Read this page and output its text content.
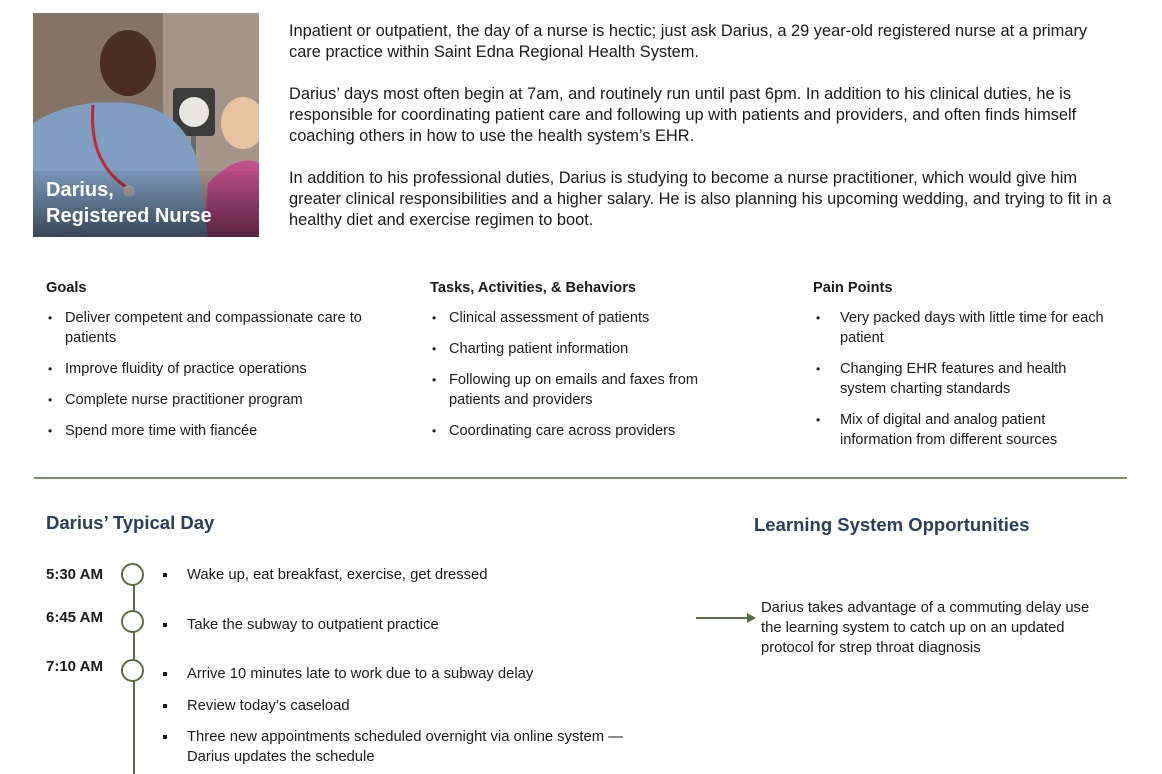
Darius,
Registered Nurse

Inpatient or outpatient, the day of a nurse is hectic; just ask Darius, a 29 year-old registered nurse at a primary care practice within Saint Edna Regional Health System.

Darius’ days most often begin at 7am, and routinely run until past 6pm. In addition to his clinical duties, he is responsible for coordinating patient care and following up with patients and providers, and often finds himself coaching others in how to use the health system’s EHR.

In addition to his professional duties, Darius is studying to become a nurse practitioner, which would give him greater clinical responsibilities and a higher salary. He is also planning his upcoming wedding, and trying to fit in a healthy diet and exercise regimen to boot.

Goals
• Deliver competent and compassionate care to patients
• Improve fluidity of practice operations
• Complete nurse practitioner program
• Spend more time with fiancée
Tasks, Activities, & Behaviors
• Clinical assessment of patients
• Charting patient information
• Following up on emails and faxes from patients and providers
• Coordinating care across providers
Pain Points
• Very packed days with little time for each patient
• Changing EHR features and health system charting standards
• Mix of digital and analog patient information from different sources
Darius’ Typical Day	Learning System Opportunities
5:30 AM	Wake up, eat breakfast, exercise, get dressed
6:45 AM	Take the subway to outpatient practice
7:10 AM	Arrive 10 minutes late to work due to a subway delay
Review today’s caseload
Three new appointments scheduled overnight via online system — Darius updates the schedule
Darius takes advantage of a commuting delay use the learning system to catch up on an updated protocol for strep throat diagnosis
